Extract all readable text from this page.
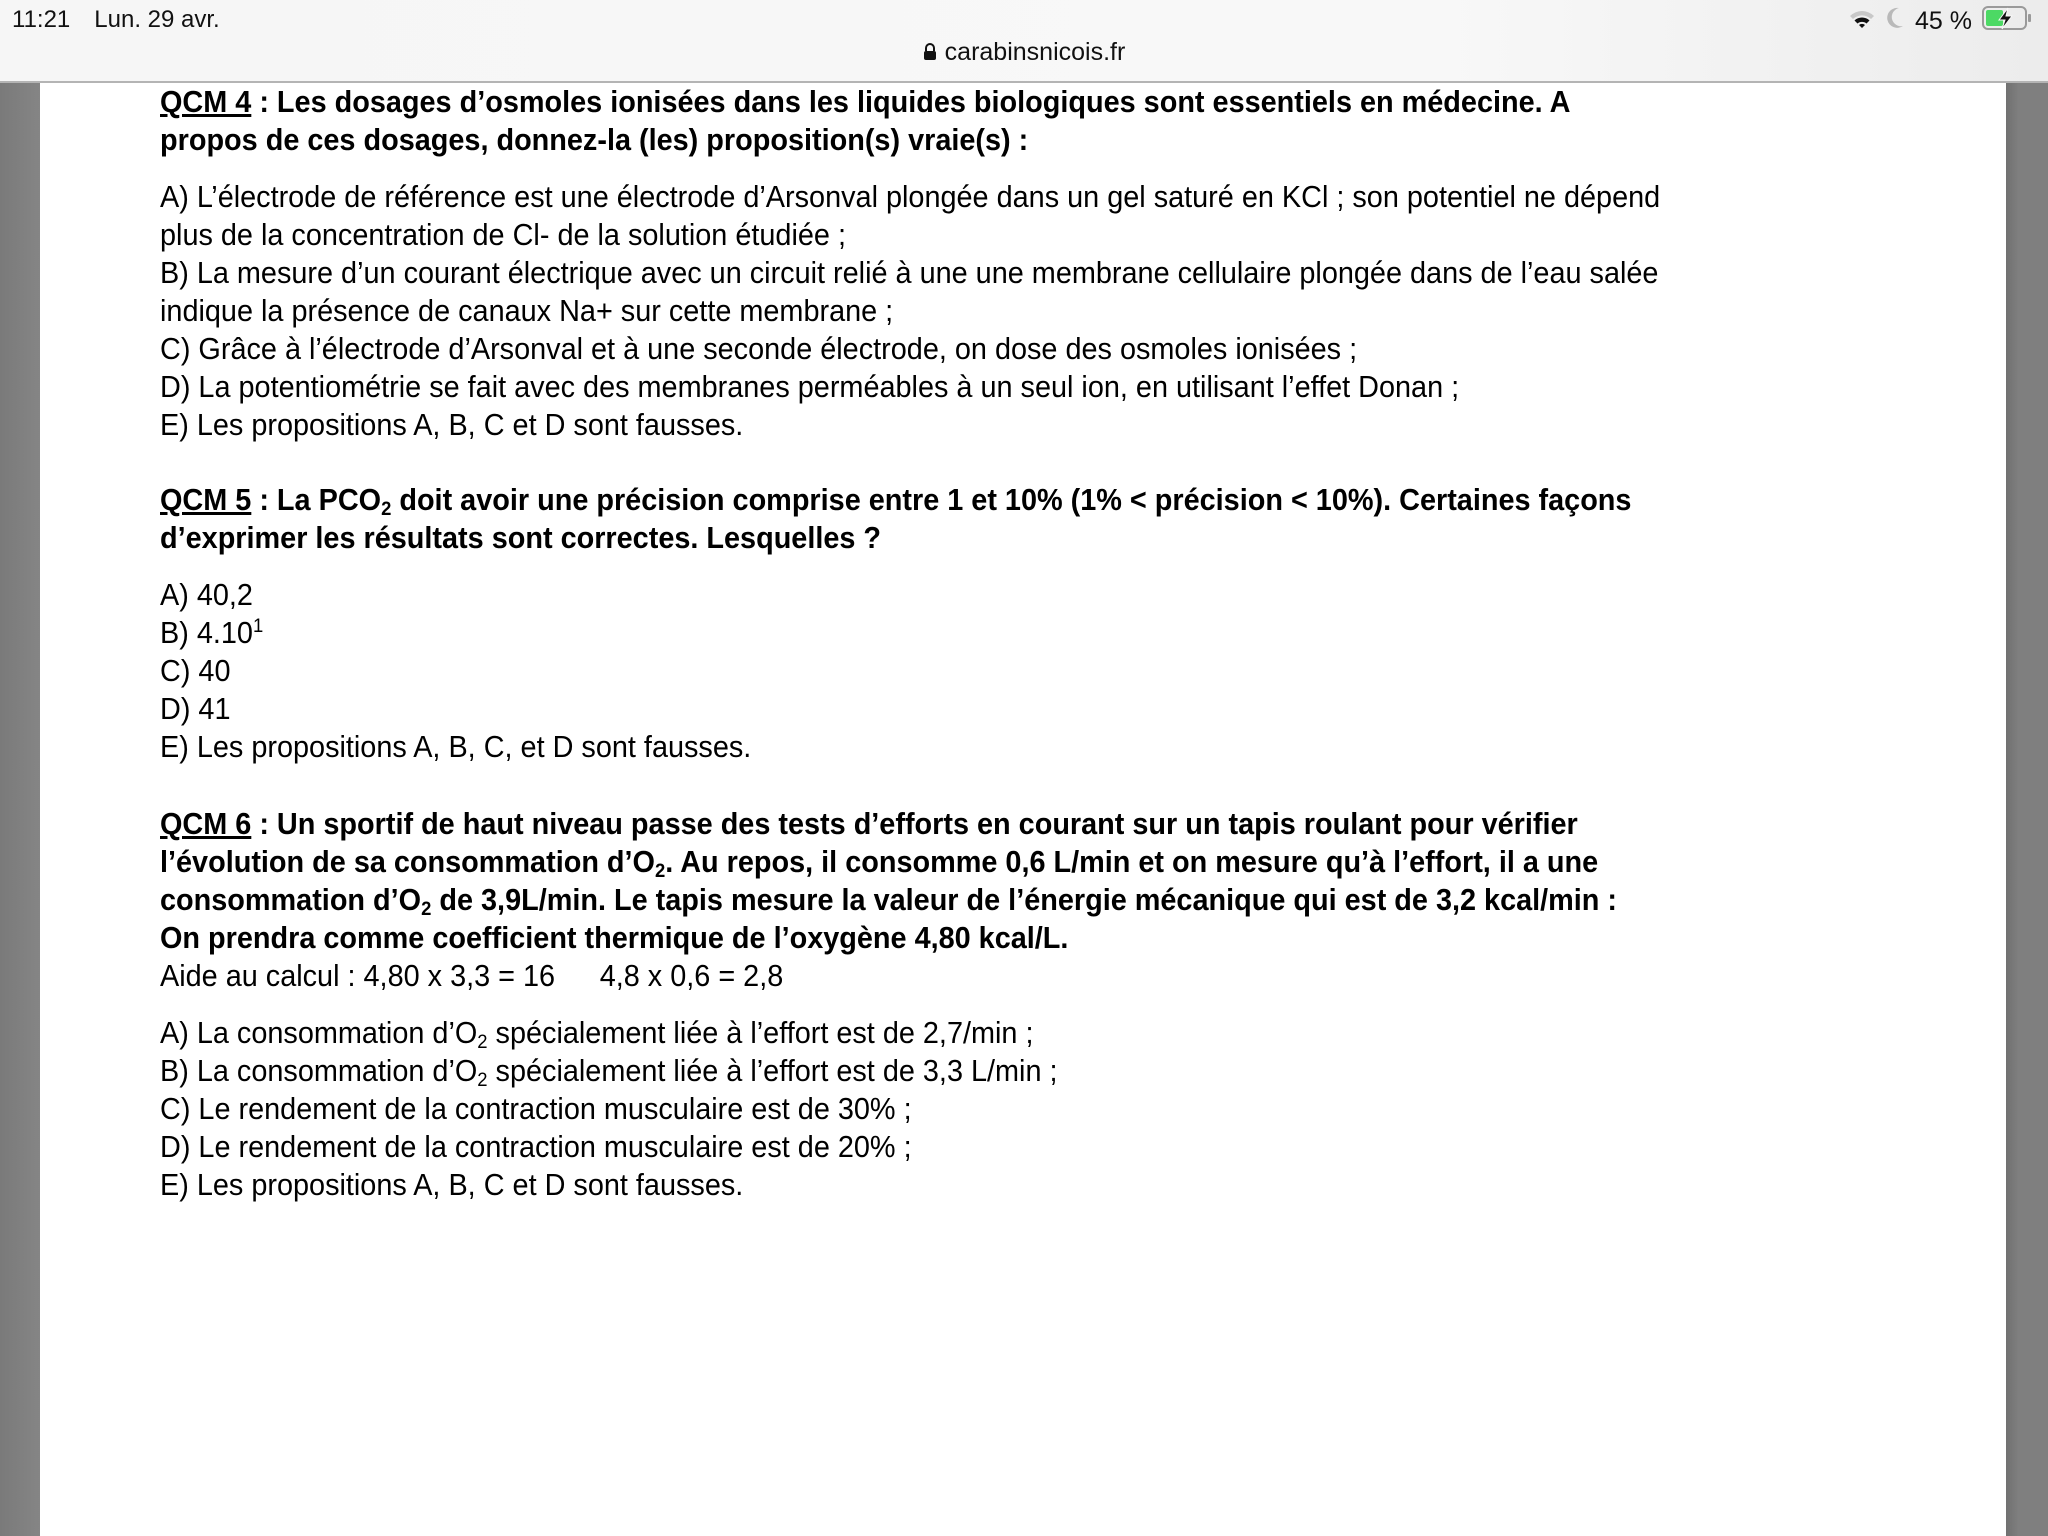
11:21 Lun. 29 avr.	45 %
carabinsnicois.fr

QCM 4 : Les dosages d’osmoles ionisées dans les liquides biologiques sont essentiels en médecine. A

propos de ces dosages, donnez-la (les) proposition(s) vraie(s) :

A) L’électrode de référence est une électrode d’Arsonval plongée dans un gel saturé en KCl ; son potentiel ne dépend

plus de la concentration de Cl- de la solution étudiée ;

B) La mesure d’un courant électrique avec un circuit relié à une une membrane cellulaire plongée dans de l’eau salée

indique la présence de canaux Na+ sur cette membrane ;

C) Grâce à l’électrode d’Arsonval et à une seconde électrode, on dose des osmoles ionisées ;

D) La potentiométrie se fait avec des membranes perméables à un seul ion, en utilisant l’effet Donan ;

E) Les propositions A, B, C et D sont fausses.

QCM 5 : La $PCO_2$ doit avoir une précision comprise entre 1 et 10% (1% < précision < 10%). Certaines façons

d’exprimer les résultats sont correctes. Lesquelles ?

A) 40,2

B) 4.10$^1$

C) 40

D) 41

E) Les propositions A, B, C, et D sont fausses.

QCM 6 : Un sportif de haut niveau passe des tests d’efforts en courant sur un tapis roulant pour vérifier

l’évolution de sa consommation $d’O_2$. Au repos, il consomme 0,6 L/min et on mesure qu’à l’effort, il a une

consommation $d’O_2$ de 3,9L/min. Le tapis mesure la valeur de l’énergie mécanique qui est de 3,2 kcal/min :

On prendra comme coefficient thermique de l’oxygène 4,80 kcal/L.

Aide au calcul : 4,80 x 3,3 = 16 4,8 x 0,6 = 2,8

A) La consommation $d’O_2$ spécialement liée à l’effort est de 2,7/min ;

B) La consommation $d’O_2$ spécialement liée à l’effort est de 3,3 L/min ;

C) Le rendement de la contraction musculaire est de 30% ;

D) Le rendement de la contraction musculaire est de 20% ;

E) Les propositions A, B, C et D sont fausses.
